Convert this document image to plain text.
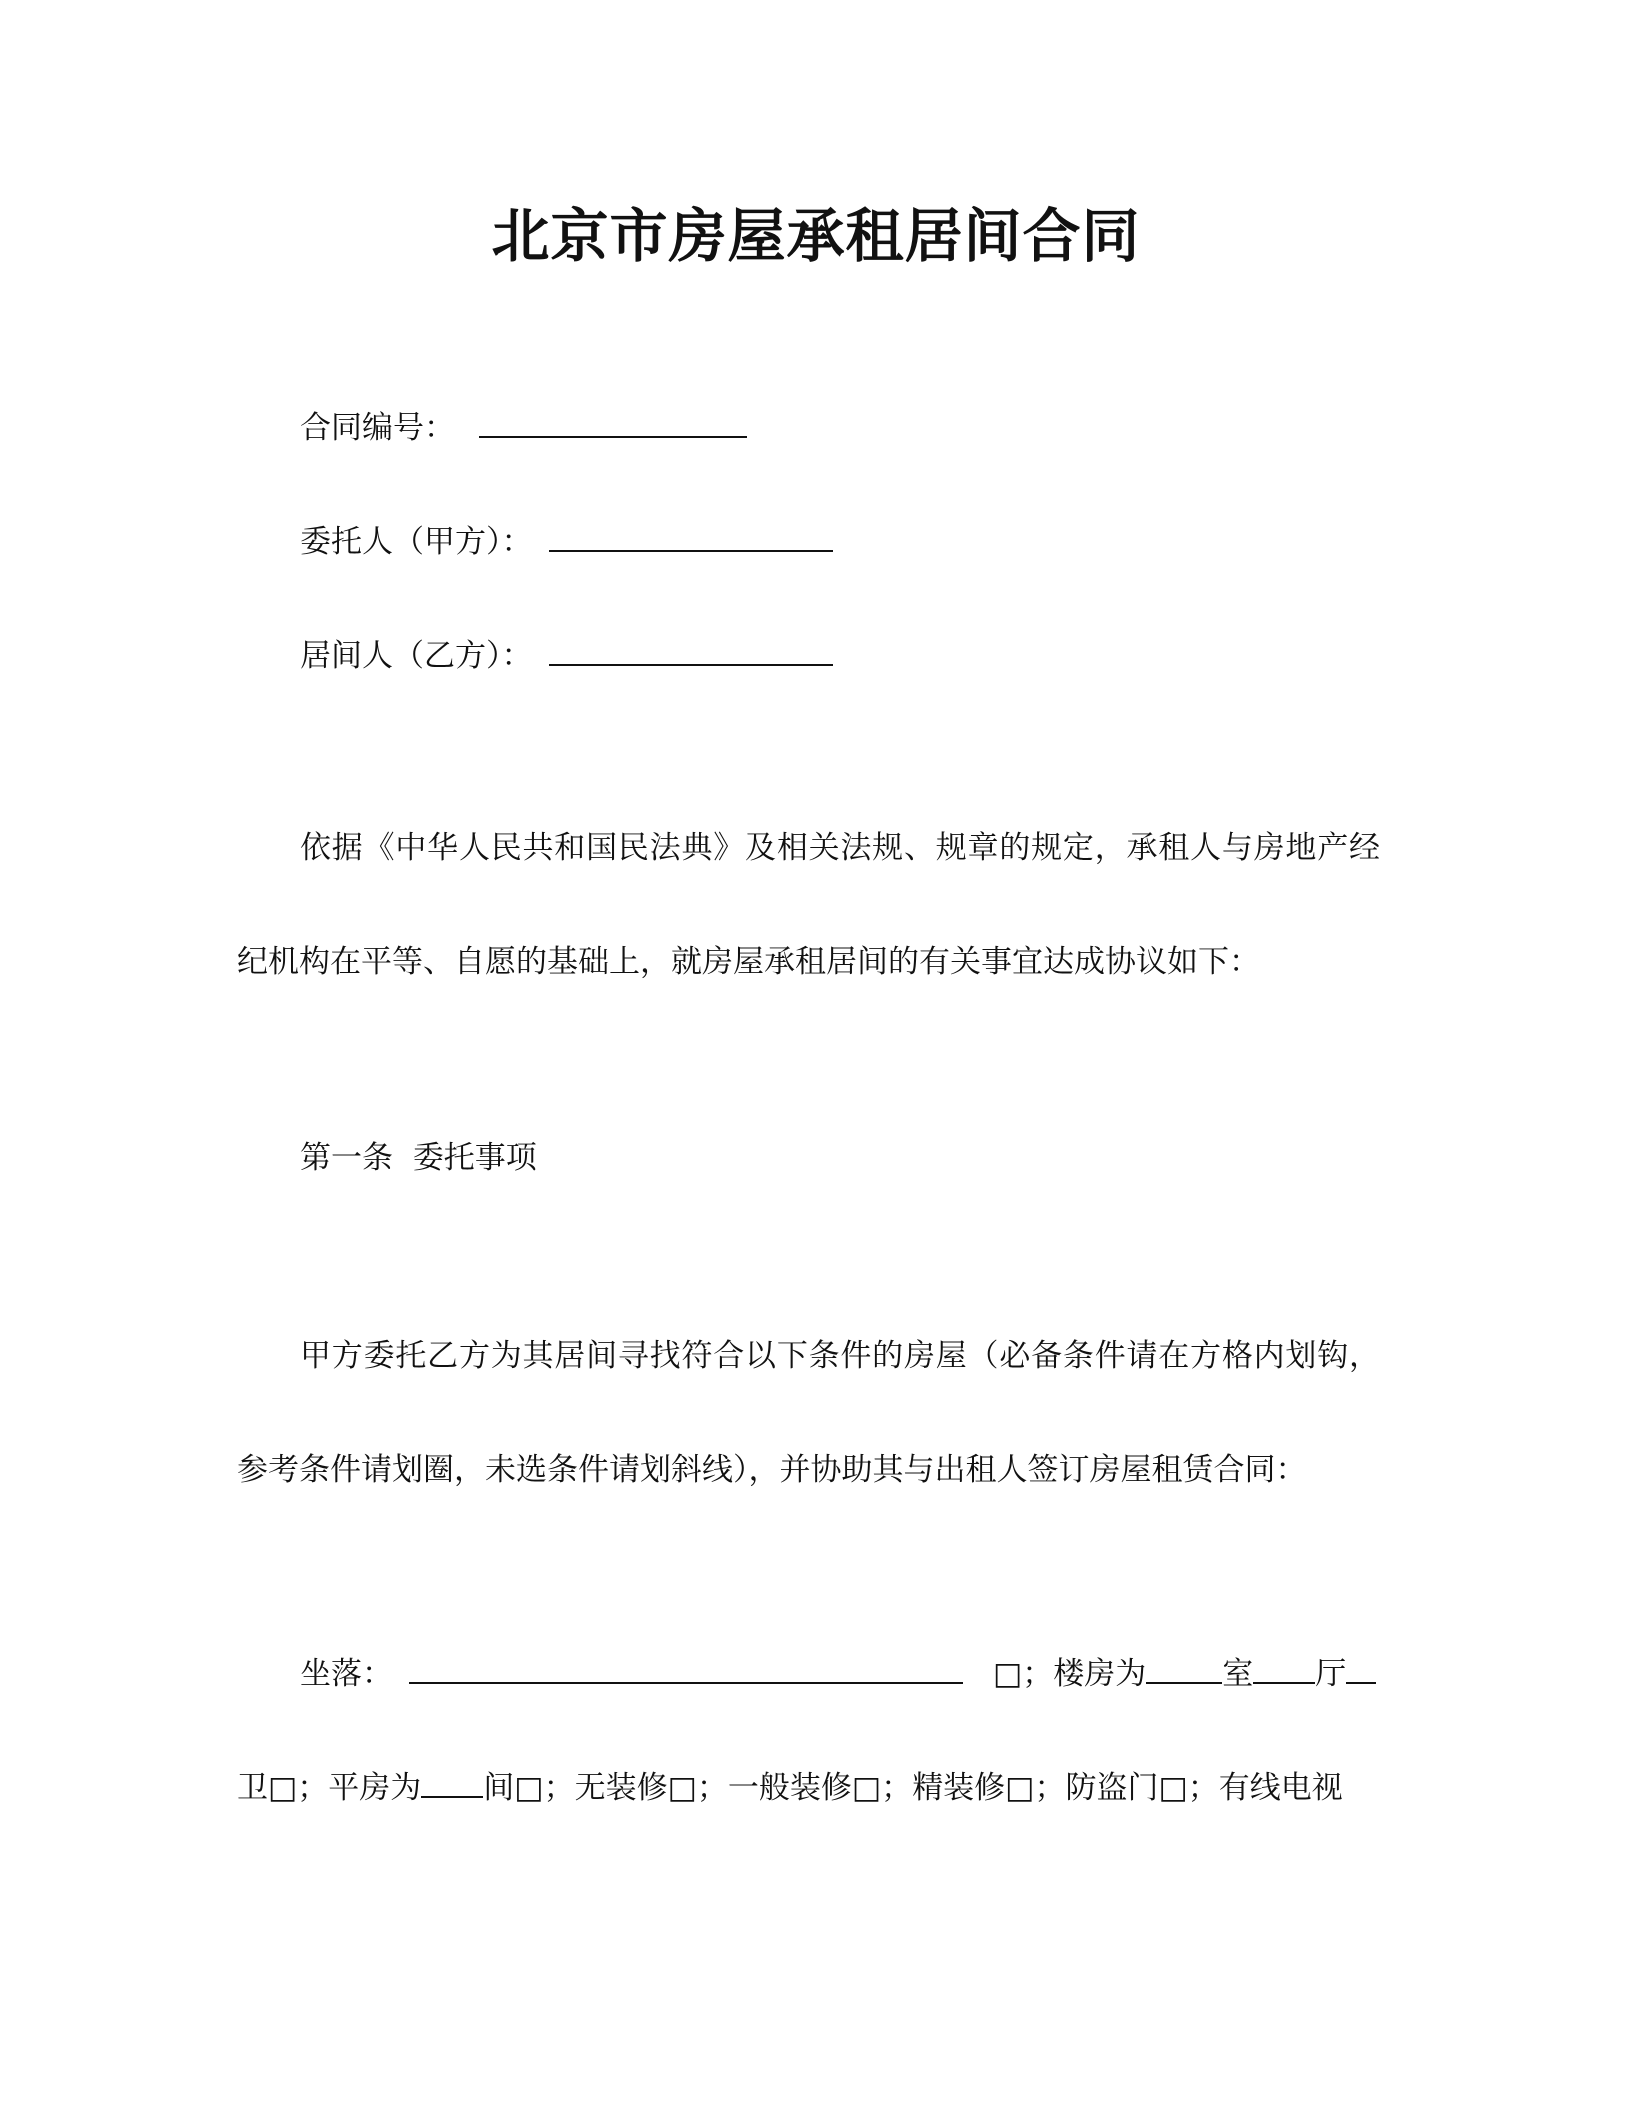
北京市房屋承租居间合同
合同编号：
委托人（甲方）：
居间人（乙方）：
依据《中华人民共和国民法典》及相关法规、规章的规定，承租人与房地产经
纪机构在平等、自愿的基础上，就房屋承租居间的有关事宜达成协议如下：
第一条  委托事项
甲方委托乙方为其居间寻找符合以下条件的房屋（必备条件请在方格内划钩，
参考条件请划圈，未选条件请划斜线），并协助其与出租人签订房屋租赁合同：
坐落：	□；楼房为 室 厅
卫□；平房为 间□；无装修□；一般装修□；精装修□；防盗门□；有线电视
